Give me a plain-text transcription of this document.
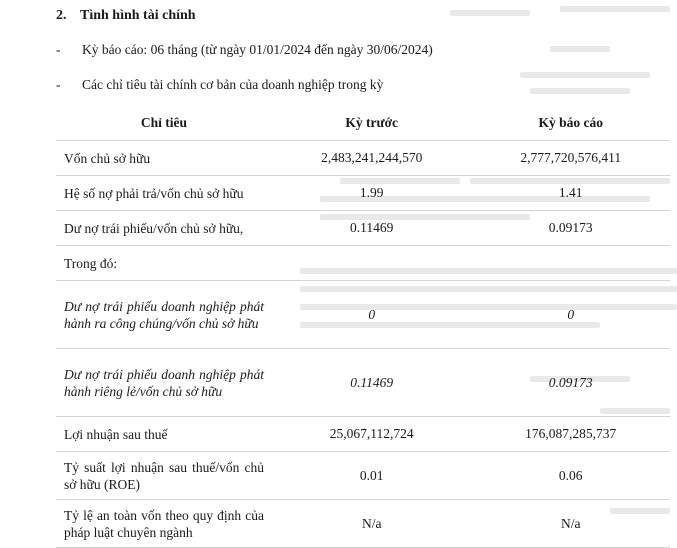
2. Tình hình tài chính
- Kỳ báo cáo: 06 tháng (từ ngày 01/01/2024 đến ngày 30/06/2024)
- Các chỉ tiêu tài chính cơ bản của doanh nghiệp trong kỳ
Chỉ tiêu	Kỳ trước	Kỳ báo cáo
Vốn chủ sở hữu	2,483,241,244,570	2,777,720,576,411
Hệ số nợ phải trả/vốn chủ sở hữu	1.99	1.41
Dư nợ trái phiếu/vốn chủ sở hữu,	0.11469	0.09173
Trong đó:		
Dư nợ trái phiếu doanh nghiệp phát hành ra công chúng/vốn chủ sở hữu	0	0
Dư nợ trái phiếu doanh nghiệp phát hành riêng lẻ/vốn chủ sở hữu	0.11469	0.09173
Lợi nhuận sau thuế	25,067,112,724	176,087,285,737
Tỷ suất lợi nhuận sau thuế/vốn chủ sở hữu (ROE)	0.01	0.06
Tỷ lệ an toàn vốn theo quy định của pháp luật chuyên ngành	N/a	N/a
